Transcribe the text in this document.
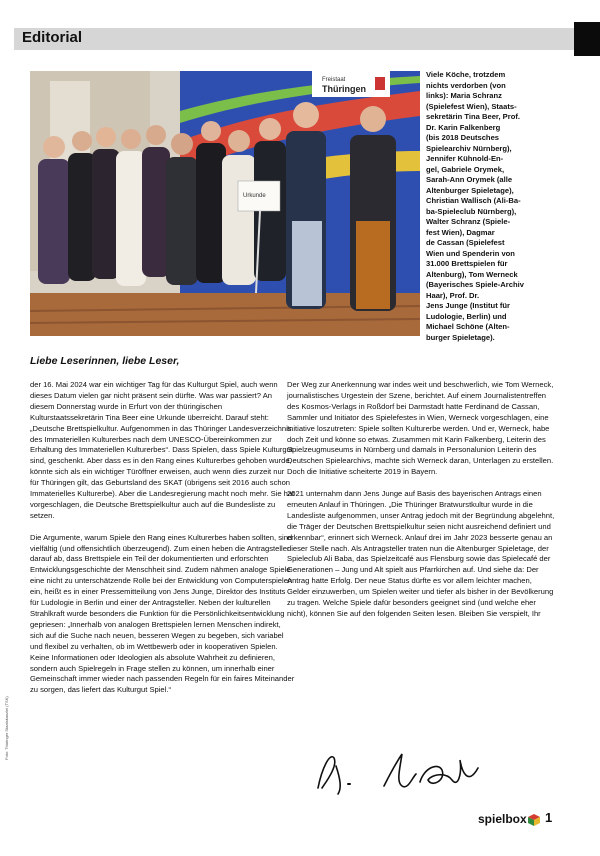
Editorial
Freistaat
Thüringen
Urkunde
Viele Köche, trotzdem
nichts verdorben (von
links): Maria Schranz
(Spielefest Wien), Staats-
sekretärin Tina Beer, Prof.
Dr. Karin Falkenberg
(bis 2018 Deutsches
Spielearchiv Nürnberg),
Jennifer Kühnold-En-
gel, Gabriele Orymek,
Sarah-Ann Orymek (alle
Altenburger Spieletage),
Christian Wallisch (Ali-Ba-
ba-Spieleclub Nürnberg),
Walter Schranz (Spiele-
fest Wien), Dagmar
de Cassan (Spielefest
Wien und Spenderin von
31.000 Brettspielen für
Altenburg), Tom Werneck
(Bayerisches Spiele-Archiv
Haar), Prof. Dr.
Jens Junge (Institut für
Ludologie, Berlin) und
Michael Schöne (Alten-
burger Spieletage).
Liebe Leserinnen, liebe Leser,

der 16. Mai 2024 war ein wichtiger Tag für das Kulturgut Spiel, auch wenn dieses Datum vielen gar nicht präsent sein dürfte. Was war passiert? An diesem Donnerstag wurde in Erfurt von der thüringischen Kulturstaatssekretärin Tina Beer eine Urkunde überreicht. Darauf steht: „Deutsche Brettspielkultur. Aufgenommen in das Thüringer Landesverzeichnis des Immateriellen Kulturerbes nach dem UNESCO-Übereinkommen zur Erhaltung des Immateriellen Kulturerbes“. Dass Spielen, dass Spiele Kulturgut sind, geschenkt. Aber dass es in den Rang eines Kulturerbes gehoben wurde, könnte sich als ein wichtiger Türöffner erweisen, auch wenn dies zurzeit nur für Thüringen gilt, das Geburtsland des SKAT (übrigens seit 2016 auch schon Immaterielles Kulturerbe). Aber die Landesregierung macht noch mehr. Sie hat vorgeschlagen, die Deutsche Brettspielkultur auch auf die Bundesliste zu setzen.

Die Argumente, warum Spiele den Rang eines Kulturerbes haben sollten, sind vielfältig (und offensichtlich überzeugend). Zum einen heben die Antragsteller darauf ab, dass Brettspiele ein Teil der dokumentierten und erforschten Entwicklungsgeschichte der Menschheit sind. Zudem nähmen analoge Spiele eine nicht zu unterschätzende Rolle bei der Entwicklung von Computerspielen ein, heißt es in einer Pressemitteilung von Jens Junge, Direktor des Instituts für Ludologie in Berlin und einer der Antragsteller. Neben der kulturellen Strahlkraft wurde besonders die Funktion für die Persönlichkeitsentwicklung gepriesen: „Innerhalb von analogen Brettspielen lernen Menschen indirekt, sich auf die Suche nach neuen, besseren Wegen zu begeben, sich variabel und flexibel zu verhalten, ob im Wettbewerb oder in kooperativen Spielen. Keine Informationen oder Ideologien als absolute Wahrheit zu definieren, sondern auch Spielregeln in Frage stellen zu können, um innerhalb einer Gemeinschaft immer wieder nach passenden Regeln für ein faires Miteinander zu sorgen, das liefert das Kulturgut Spiel.“

Der Weg zur Anerkennung war indes weit und beschwerlich, wie Tom Werneck, journalistisches Urgestein der Szene, berichtet. Auf einem Journalistentreffen des Kosmos-Verlags in Roßdorf bei Darmstadt hatte Ferdinand de Cassan, Sammler und Initiator des Spielefestes in Wien, Werneck vorgeschlagen, eine Initiative loszutreten: Spiele sollten Kulturerbe werden. Und er, Werneck, habe doch Zeit und könne so etwas. Zusammen mit Karin Falkenberg, Leiterin des Spielzeugmuseums in Nürnberg und damals in Personalunion Leiterin des Deutschen Spielearchivs, machte sich Werneck daran, Unterlagen zu erstellen. Doch die Initiative scheiterte 2019 in Bayern.

2021 unternahm dann Jens Junge auf Basis des bayerischen Antrags einen erneuten Anlauf in Thüringen. „Die Thüringer Bratwurstkultur wurde in die Landesliste aufgenommen, unser Antrag jedoch mit der Begründung abgelehnt, die Träger der Deutschen Brettspielkultur seien nicht ausreichend definiert und erkennbar“, erinnert sich Werneck. Anlauf drei im Jahr 2023 besserte genau an dieser Stelle nach. Als Antragsteller traten nun die Altenburger Spieletage, der Spieleclub Ali Baba, das Spielzeitcafé aus Flensburg sowie das Spielecafé der Generationen – Jung und Alt spielt aus Pfarrkirchen auf. Und siehe da: Der Antrag hatte Erfolg. Der neue Status dürfte es vor allem leichter machen, Gelder einzuwerben, um Spielen weiter und tiefer als bisher in der Bevölkerung zu tragen. Welche Spiele dafür besonders geeignet sind (und welche eher nicht), können Sie auf den folgenden Seiten lesen. Bleiben Sie verspielt, Ihr

Foto: Thüringer Staatskanzlei (TSK)
spielbox 1
